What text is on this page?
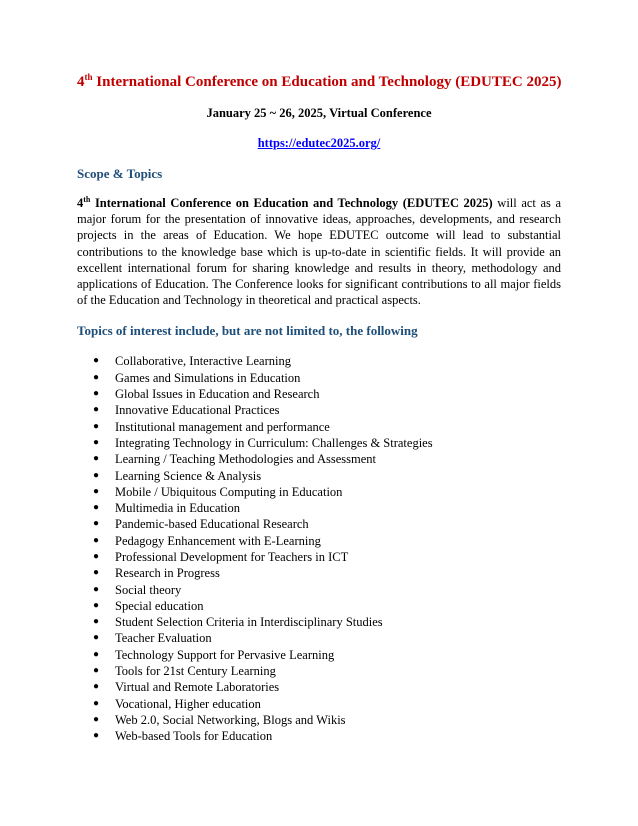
4th International Conference on Education and Technology (EDUTEC 2025)

January 25 ~ 26, 2025, Virtual Conference

https://edutec2025.org/

Scope & Topics

4th International Conference on Education and Technology (EDUTEC 2025) will act as a major forum for the presentation of innovative ideas, approaches, developments, and research projects in the areas of Education. We hope EDUTEC outcome will lead to substantial contributions to the knowledge base which is up-to-date in scientific fields. It will provide an excellent international forum for sharing knowledge and results in theory, methodology and applications of Education. The Conference looks for significant contributions to all major fields of the Education and Technology in theoretical and practical aspects.

Topics of interest include, but are not limited to, the following
● Collaborative, Interactive Learning
● Games and Simulations in Education
● Global Issues in Education and Research
● Innovative Educational Practices
● Institutional management and performance
● Integrating Technology in Curriculum: Challenges & Strategies
● Learning / Teaching Methodologies and Assessment
● Learning Science & Analysis
● Mobile / Ubiquitous Computing in Education
● Multimedia in Education
● Pandemic-based Educational Research
● Pedagogy Enhancement with E-Learning
● Professional Development for Teachers in ICT
● Research in Progress
● Social theory
● Special education
● Student Selection Criteria in Interdisciplinary Studies
● Teacher Evaluation
● Technology Support for Pervasive Learning
● Tools for 21st Century Learning
● Virtual and Remote Laboratories
● Vocational, Higher education
● Web 2.0, Social Networking, Blogs and Wikis
● Web-based Tools for Education
